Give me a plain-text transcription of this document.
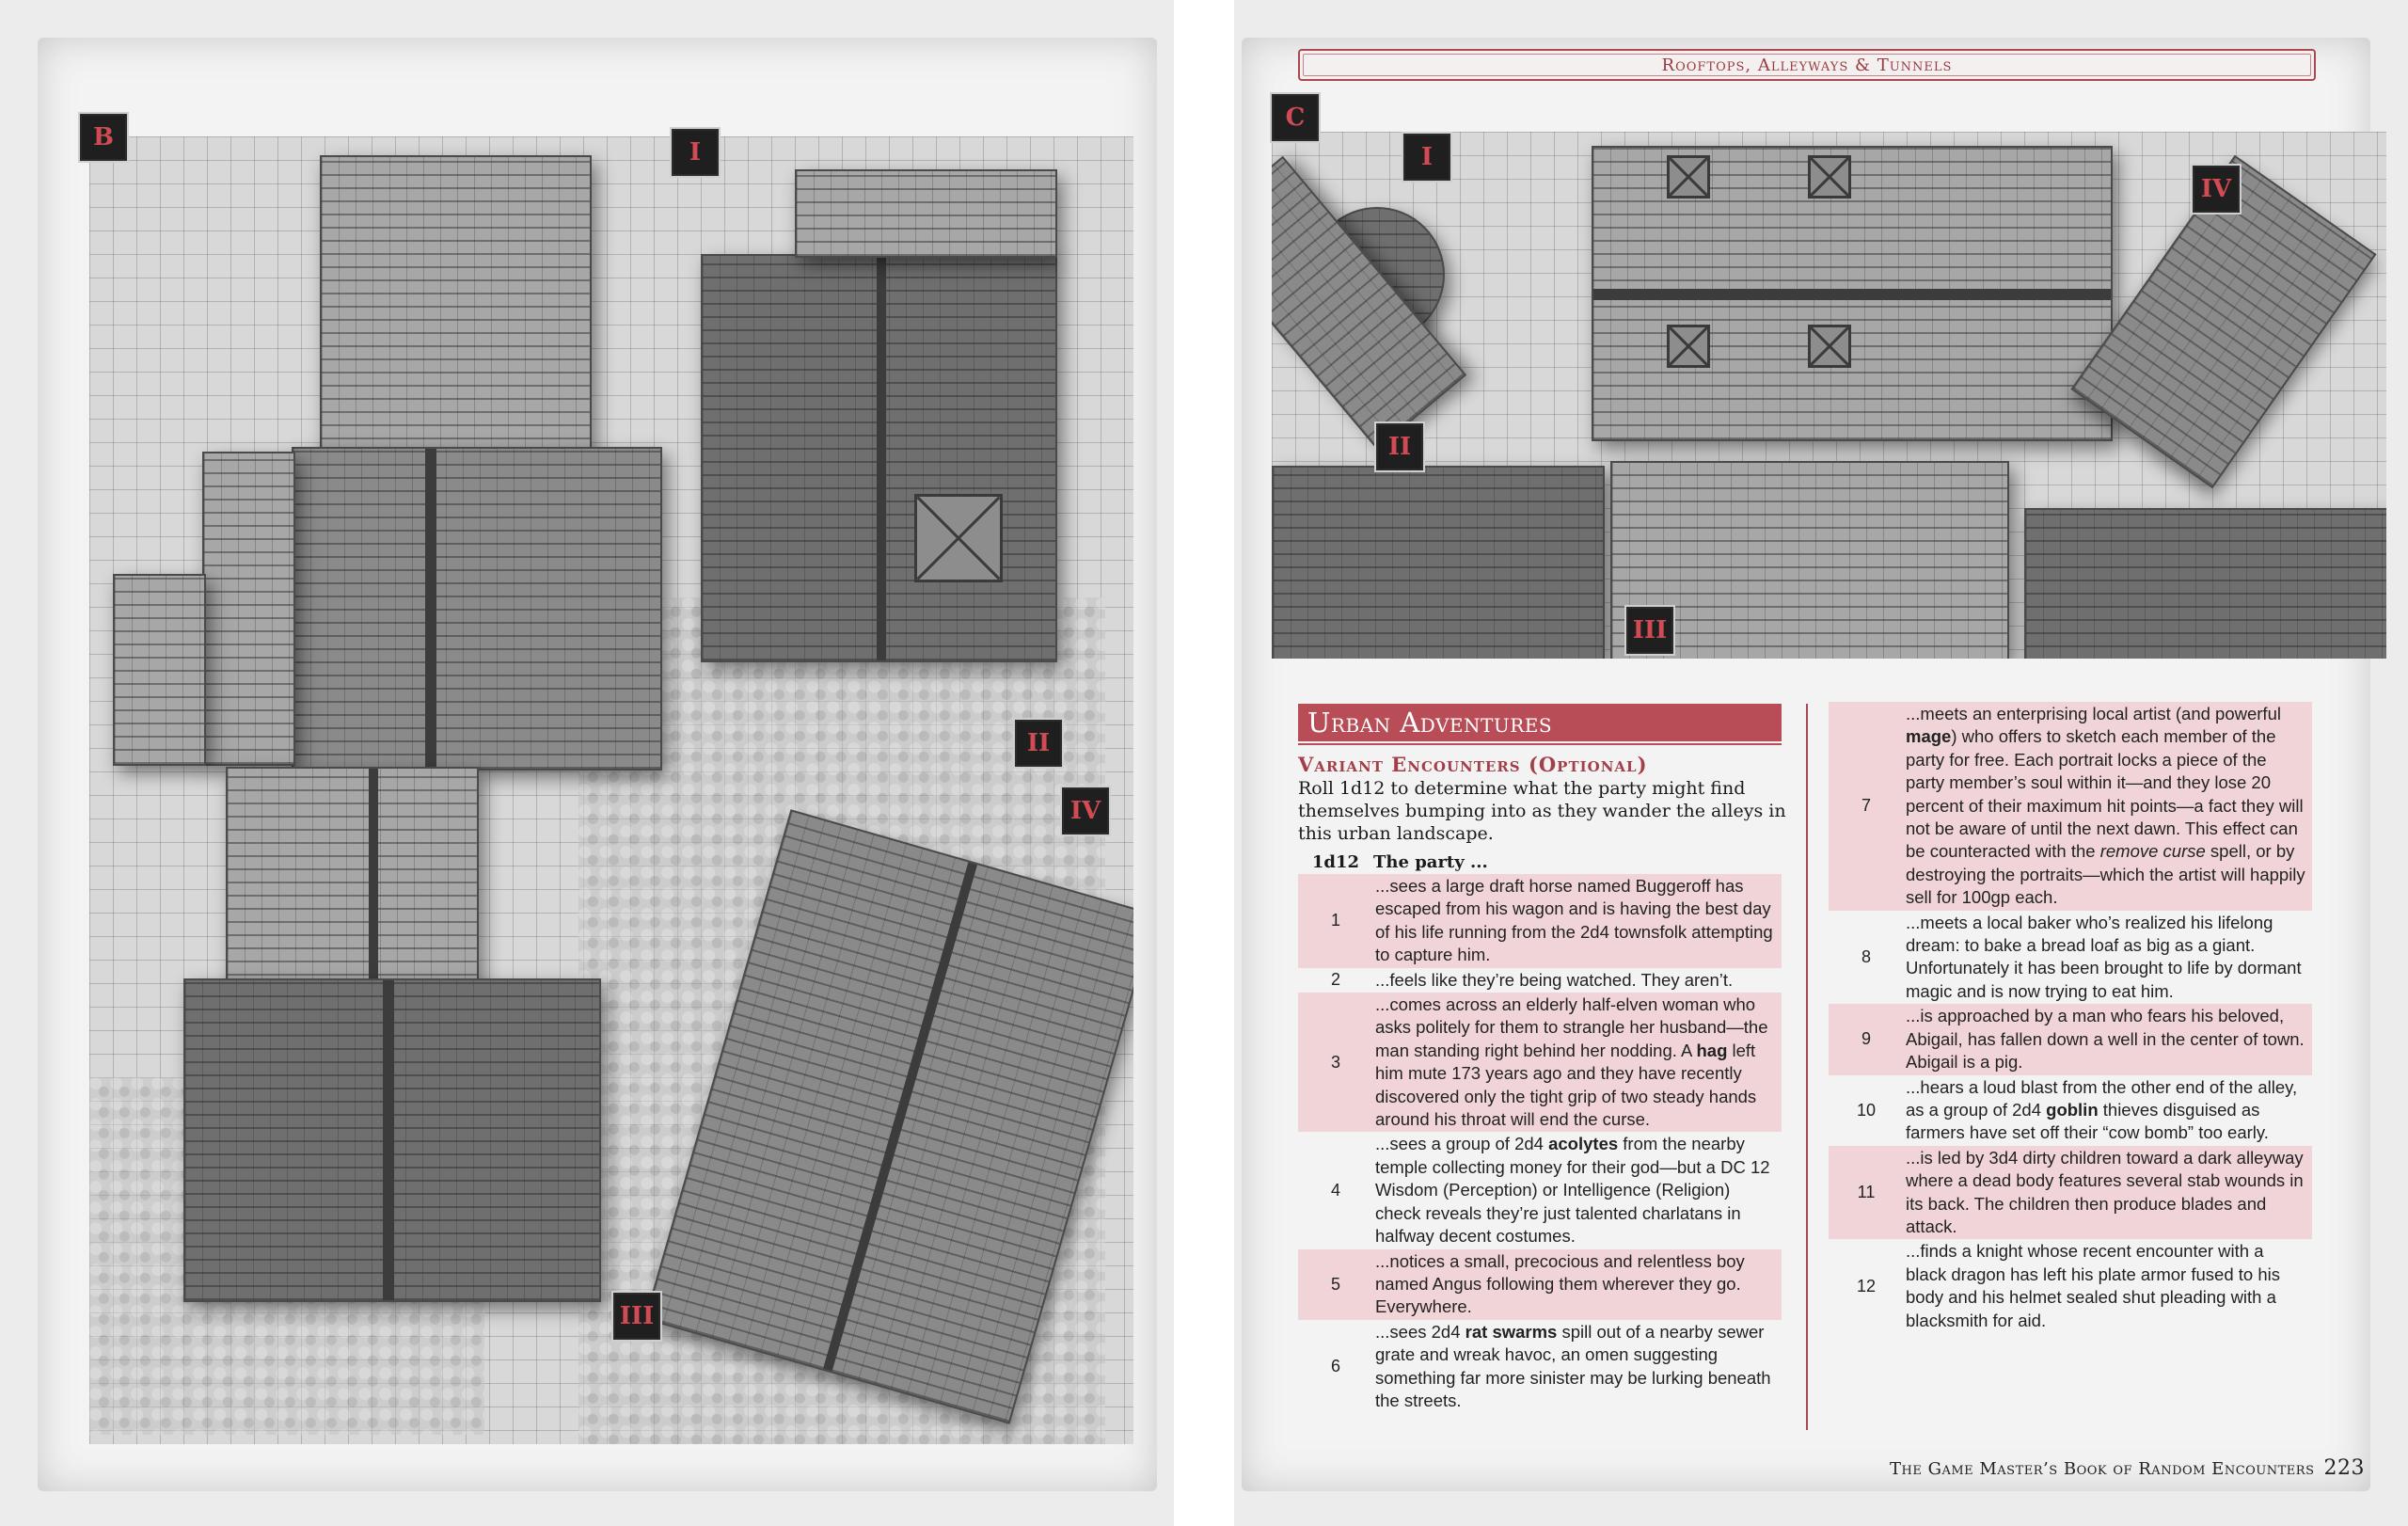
B
I
II
IV
III
C
I
IV
II
III
Rooftops, Alleyways & Tunnels
Urban Adventures
Variant Encounters (Optional)
Roll 1d12 to determine what the party might find themselves bumping into as they wander the alleys in this urban landscape.
1d12 The party ...
1
...sees a large draft horse named Buggeroff has escaped from his wagon and is having the best day of his life running from the 2d4 townsfolk attempting to capture him.
2	...feels like they’re being watched. They aren’t.
3
...comes across an elderly half-elven woman who asks politely for them to strangle her husband—the man standing right behind her nodding. A hag left him mute 173 years ago and they have recently discovered only the tight grip of two steady hands around his throat will end the curse.
4
...sees a group of 2d4 acolytes from the nearby temple collecting money for their god—but a DC 12 Wisdom (Perception) or Intelligence (Religion) check reveals they’re just talented charlatans in halfway decent costumes.
5
...notices a small, precocious and relentless boy named Angus following them wherever they go. Everywhere.
6
...sees 2d4 rat swarms spill out of a nearby sewer grate and wreak havoc, an omen suggesting something far more sinister may be lurking beneath the streets.
7
...meets an enterprising local artist (and powerful mage) who offers to sketch each member of the party for free. Each portrait locks a piece of the party member’s soul within it—and they lose 20 percent of their maximum hit points—a fact they will not be aware of until the next dawn. This effect can be counteracted with the remove curse spell, or by destroying the portraits—which the artist will happily sell for 100gp each.
8
...meets a local baker who’s realized his lifelong dream: to bake a bread loaf as big as a giant. Unfortunately it has been brought to life by dormant magic and is now trying to eat him.
9
...is approached by a man who fears his beloved, Abigail, has fallen down a well in the center of town. Abigail is a pig.
10
...hears a loud blast from the other end of the alley, as a group of 2d4 goblin thieves disguised as farmers have set off their “cow bomb” too early.
11
...is led by 3d4 dirty children toward a dark alleyway where a dead body features several stab wounds in its back. The children then produce blades and attack.
12
...finds a knight whose recent encounter with a black dragon has left his plate armor fused to his body and his helmet sealed shut pleading with a blacksmith for aid.
The Game Master’s Book of Random Encounters 223
